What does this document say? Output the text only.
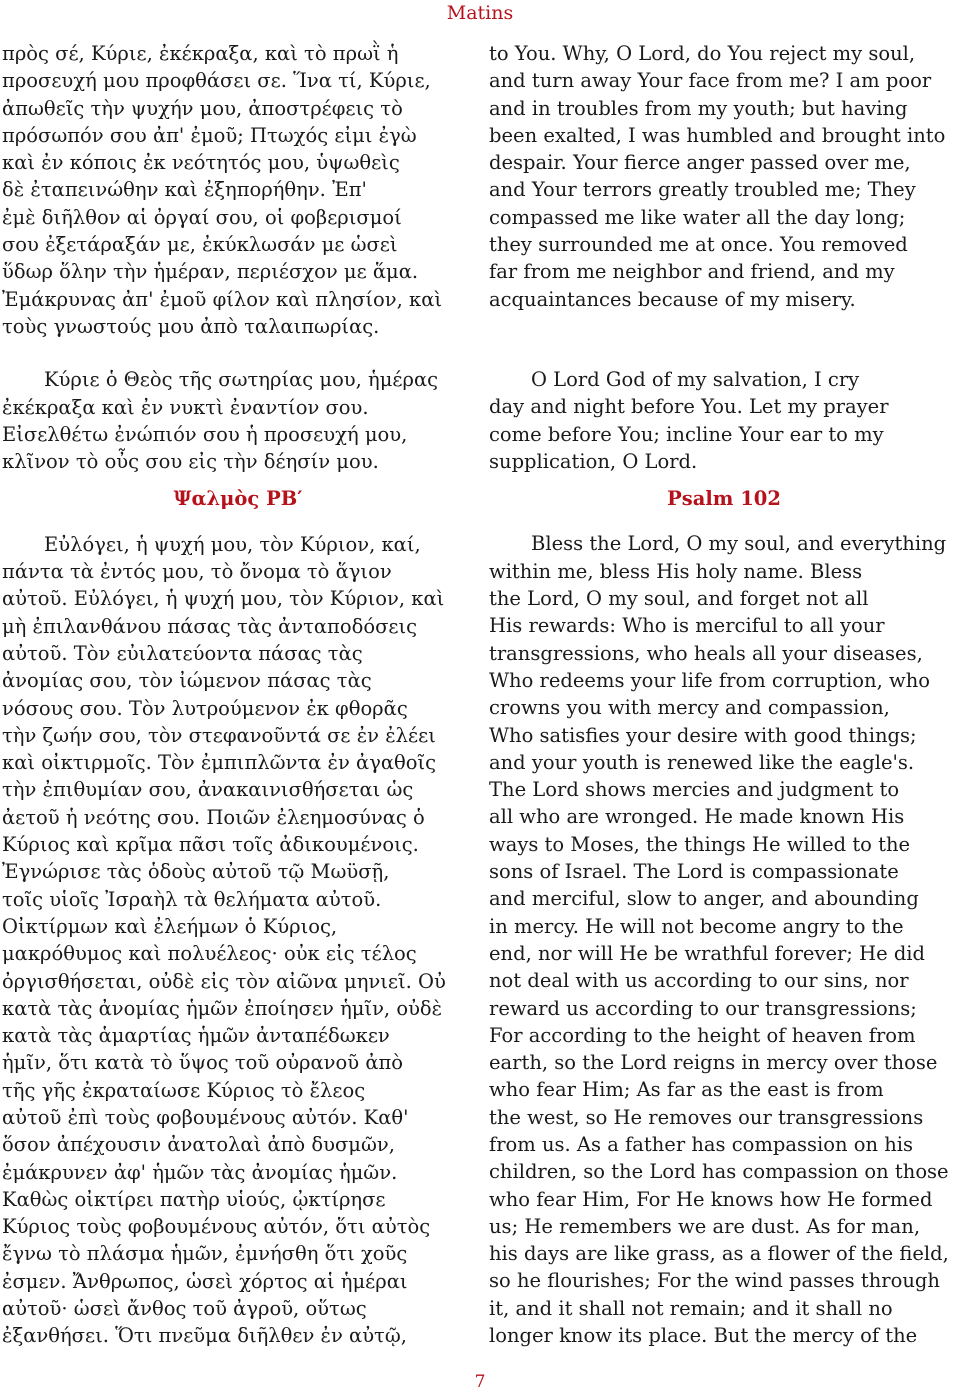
Matins

πρὸς σέ, Κύριε, ἐκέκραξα, καὶ τὸ πρωῒ ἡ
προσευχή μου προφθάσει σε. Ἵνα τί, Κύριε,
ἀπωθεῖς τὴν ψυχήν μου, ἀποστρέφεις τὸ
πρόσωπόν σου ἀπ' ἐμοῦ; Πτωχός εἰμι ἐγὼ
καὶ ἐν κόποις ἐκ νεότητός μου, ὑψωθεὶς
δὲ ἐταπεινώθην καὶ ἐξηπορήθην. Ἐπ'
ἐμὲ διῆλθον αἱ ὀργαί σου, οἱ φοβερισμοί
σου ἐξετάραξάν με, ἐκύκλωσάν με ὡσεὶ
ὕδωρ ὅλην τὴν ἡμέραν, περιέσχον με ἅμα.
Ἐμάκρυνας ἀπ' ἐμοῦ φίλον καὶ πλησίον, καὶ
τοὺς γνωστούς μου ἀπὸ ταλαιπωρίας.

Κύριε ὁ Θεὸς τῆς σωτηρίας μου, ἡμέρας
ἐκέκραξα καὶ ἐν νυκτὶ ἐναντίον σου.
Εἰσελθέτω ἐνώπιόν σου ἡ προσευχή μου,
κλῖνον τὸ οὖς σου εἰς τὴν δέησίν μου.

Ψαλμὸς ΡΒ′

Εὐλόγει, ἡ ψυχή μου, τὸν Κύριον, καί,
πάντα τὰ ἐντός μου, τὸ ὄνομα τὸ ἅγιον
αὐτοῦ. Εὐλόγει, ἡ ψυχή μου, τὸν Κύριον, καὶ
μὴ ἐπιλανθάνου πάσας τὰς ἀνταποδόσεις
αὐτοῦ. Τὸν εὐιλατεύοντα πάσας τὰς
ἀνομίας σου, τὸν ἰώμενον πάσας τὰς
νόσους σου. Τὸν λυτρούμενον ἐκ φθορᾶς
τὴν ζωήν σου, τὸν στεφανοῦντά σε ἐν ἐλέει
καὶ οἰκτιρμοῖς. Τὸν ἐμπιπλῶντα ἐν ἀγαθοῖς
τὴν ἐπιθυμίαν σου, ἀνακαινισθήσεται ὡς
ἀετοῦ ἡ νεότης σου. Ποιῶν ἐλεημοσύνας ὁ
Κύριος καὶ κρῖμα πᾶσι τοῖς ἀδικουμένοις.
Ἐγνώρισε τὰς ὁδοὺς αὐτοῦ τῷ Μωϋσῇ,
τοῖς υἱοῖς Ἰσραὴλ τὰ θελήματα αὐτοῦ.
Οἰκτίρμων καὶ ἐλεήμων ὁ Κύριος,
μακρόθυμος καὶ πολυέλεος· οὐκ εἰς τέλος
ὀργισθήσεται, οὐδὲ εἰς τὸν αἰῶνα μηνιεῖ. Οὐ
κατὰ τὰς ἀνομίας ἡμῶν ἐποίησεν ἡμῖν, οὐδὲ
κατὰ τὰς ἁμαρτίας ἡμῶν ἀνταπέδωκεν
ἡμῖν, ὅτι κατὰ τὸ ὕψος τοῦ οὐρανοῦ ἀπὸ
τῆς γῆς ἐκραταίωσε Κύριος τὸ ἔλεος
αὐτοῦ ἐπὶ τοὺς φοβουμένους αὐτόν. Καθ'
ὅσον ἀπέχουσιν ἀνατολαὶ ἀπὸ δυσμῶν,
ἐμάκρυνεν ἀφ' ἡμῶν τὰς ἀνομίας ἡμῶν.
Καθὼς οἰκτίρει πατὴρ υἱούς, ᾠκτίρησε
Κύριος τοὺς φοβουμένους αὐτόν, ὅτι αὐτὸς
ἔγνω τὸ πλάσμα ἡμῶν, ἐμνήσθη ὅτι χοῦς
ἐσμεν. Ἄνθρωπος, ὡσεὶ χόρτος αἱ ἡμέραι
αὐτοῦ· ὡσεὶ ἄνθος τοῦ ἀγροῦ, οὕτως
ἐξανθήσει. Ὅτι πνεῦμα διῆλθεν ἐν αὐτῷ,

to You. Why, O Lord, do You reject my soul,
and turn away Your face from me? I am poor
and in troubles from my youth; but having
been exalted, I was humbled and brought into
despair. Your fierce anger passed over me,
and Your terrors greatly troubled me; They
compassed me like water all the day long;
they surrounded me at once. You removed
far from me neighbor and friend, and my
acquaintances because of my misery.

O Lord God of my salvation, I cry
day and night before You. Let my prayer
come before You; incline Your ear to my
supplication, O Lord.

Psalm 102

Bless the Lord, O my soul, and everything
within me, bless His holy name. Bless
the Lord, O my soul, and forget not all
His rewards: Who is merciful to all your
transgressions, who heals all your diseases,
Who redeems your life from corruption, who
crowns you with mercy and compassion,
Who satisfies your desire with good things;
and your youth is renewed like the eagle's.
The Lord shows mercies and judgment to
all who are wronged. He made known His
ways to Moses, the things He willed to the
sons of Israel. The Lord is compassionate
and merciful, slow to anger, and abounding
in mercy. He will not become angry to the
end, nor will He be wrathful forever; He did
not deal with us according to our sins, nor
reward us according to our transgressions;
For according to the height of heaven from
earth, so the Lord reigns in mercy over those
who fear Him; As far as the east is from
the west, so He removes our transgressions
from us. As a father has compassion on his
children, so the Lord has compassion on those
who fear Him, For He knows how He formed
us; He remembers we are dust. As for man,
his days are like grass, as a flower of the field,
so he flourishes; For the wind passes through
it, and it shall not remain; and it shall no
longer know its place. But the mercy of the

7
